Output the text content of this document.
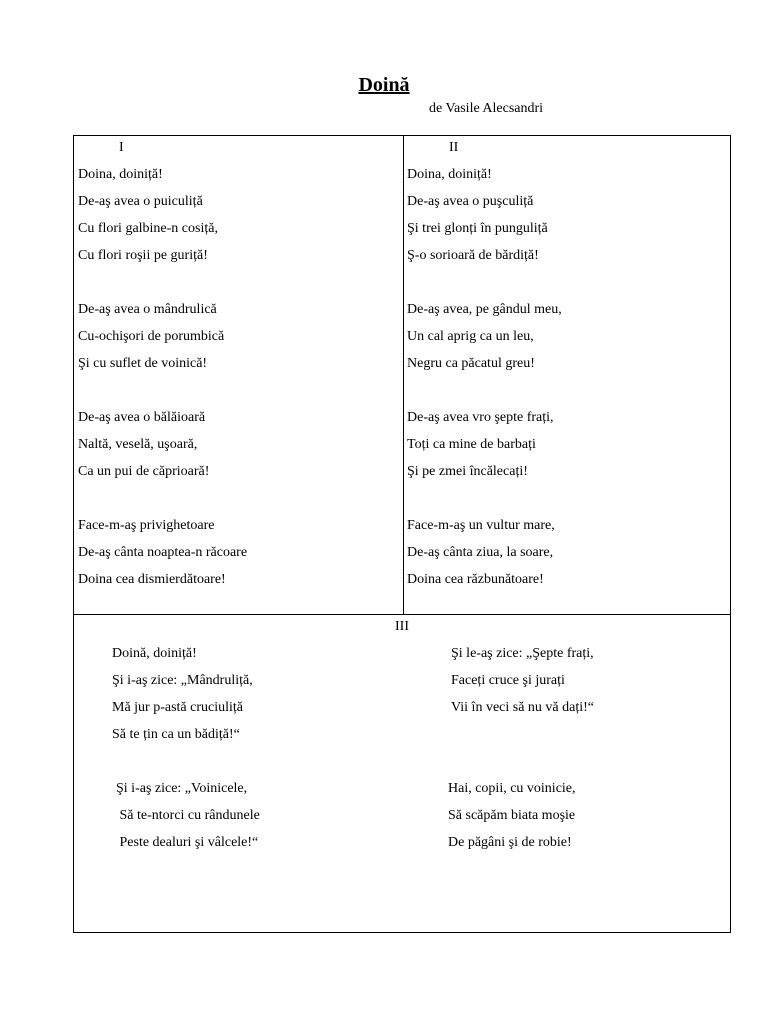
Doină
de Vasile Alecsandri
I
Doina, doiniță!
De-aş avea o puiculiță
Cu flori galbine-n cosiță,
Cu flori roşii pe guriță!
De-aş avea o mândrulică
Cu-ochişori de porumbică
Şi cu suflet de voinică!
De-aş avea o bălăioară
Naltă, veselă, uşoară,
Ca un pui de căprioară!
Face-m-aş privighetoare
De-aş cânta noaptea-n răcoare
Doina cea dismierdătoare!
II
Doina, doiniță!
De-aş avea o puşculiță
Şi trei glonți în punguliță
Ş-o sorioară de bărdiță!
De-aş avea, pe gândul meu,
Un cal aprig ca un leu,
Negru ca păcatul greu!
De-aş avea vro şepte frați,
Toți ca mine de barbați
Şi pe zmei încălecați!
Face-m-aş un vultur mare,
De-aş cânta ziua, la soare,
Doina cea răzbunătoare!
III
Doină, doiniță!
Şi i-aş zice: „Mândruliță,
Mă jur p-astă cruciuliță
Să te țin ca un bădiță!“
Şi i-aş zice: „Voinicele,
Să te-ntorci cu rândunele
Peste dealuri şi vâlcele!“
Şi le-aş zice: „Şepte frați,
Faceți cruce şi jurați
Vii în veci să nu vă dați!“
Hai, copii, cu voinicie,
Să scăpăm biata moşie
De păgâni şi de robie!
